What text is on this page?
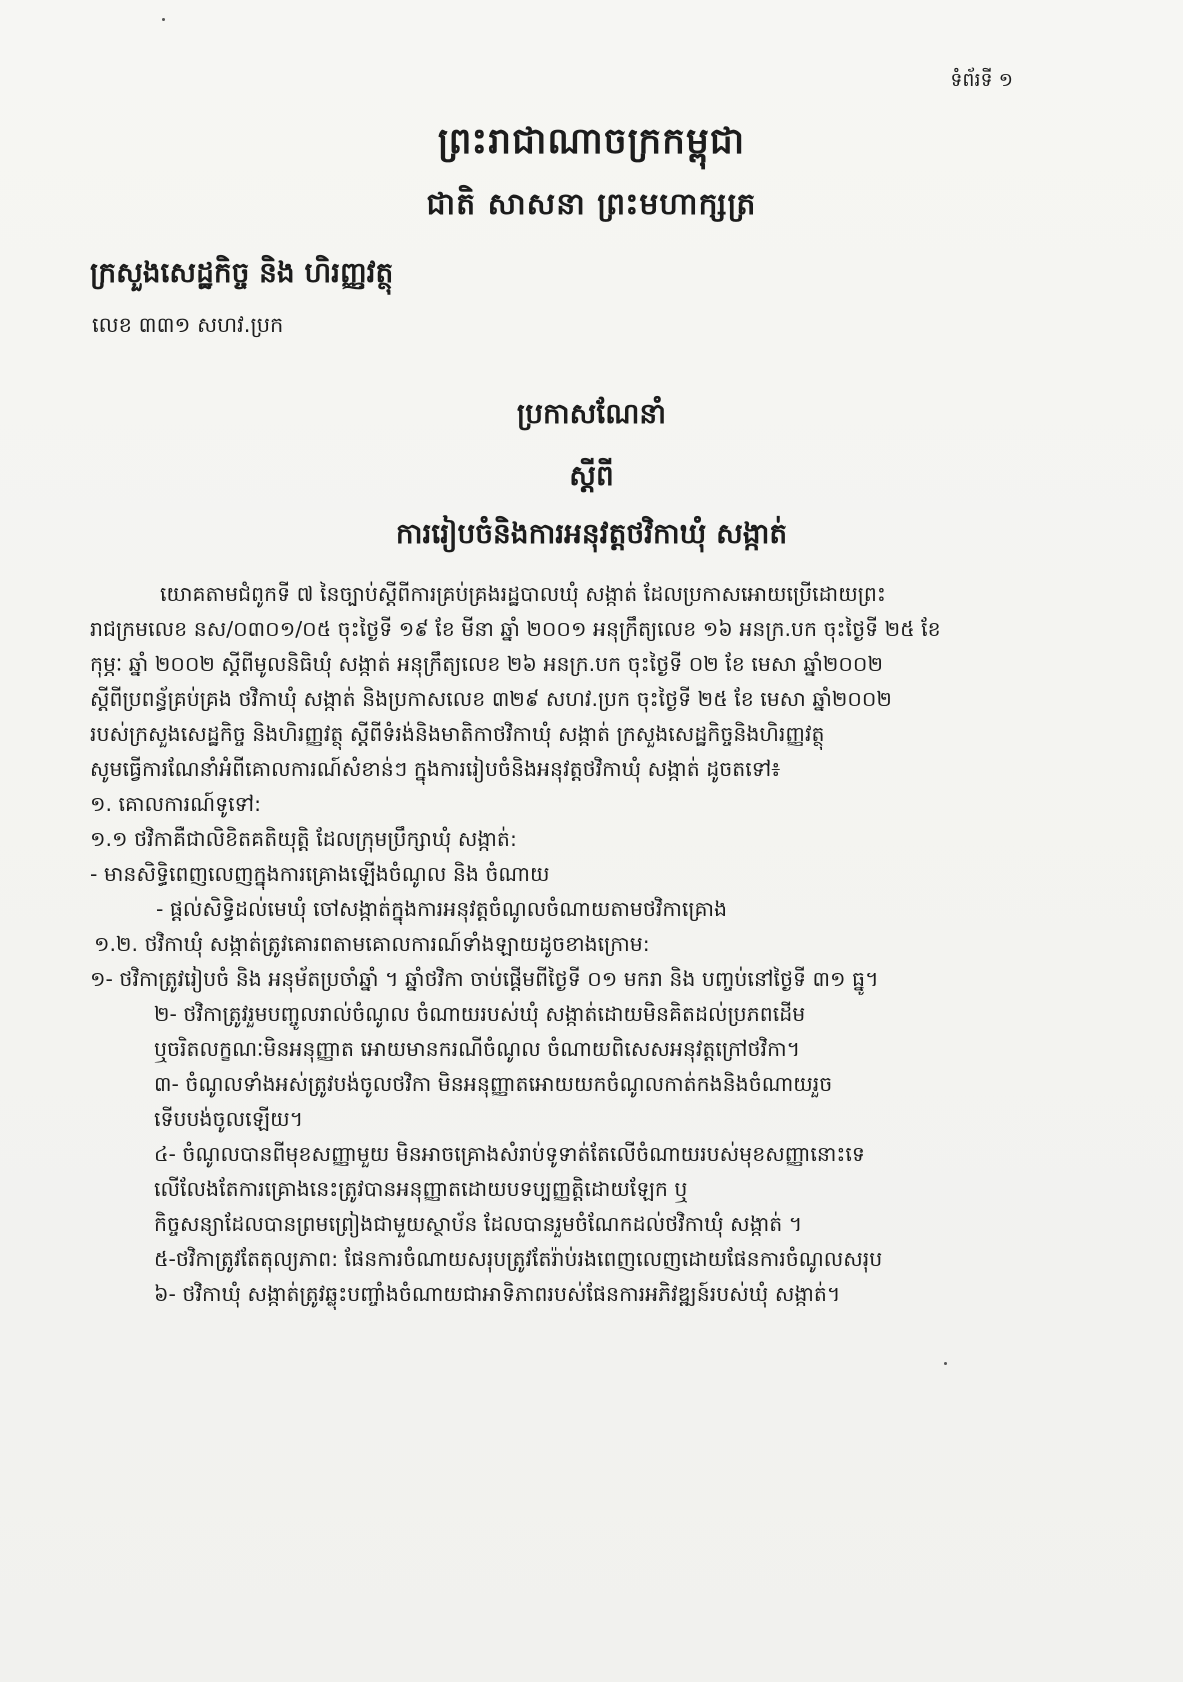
ទំព័រទី ១
ព្រះរាជាណាចក្រកម្ពុជា
ជាតិ សាសនា ព្រះមហាក្សត្រ
ក្រសួងសេដ្ឋកិច្ច និង ហិរញ្ញវត្ថុ
លេខ ៣៣១ សហវ.ប្រក
ប្រកាសណែនាំ
ស្តីពី
ការរៀបចំនិងការអនុវត្តថវិកាឃុំ សង្កាត់
យោគតាមជំពូកទី ៧ នៃច្បាប់ស្តីពីការគ្រប់គ្រងរដ្ឋបាលឃុំ សង្កាត់ ដែលប្រកាសអោយប្រើដោយព្រះ
រាជក្រមលេខ នស/០៣០១/០៥ ចុះថ្ងៃទី ១៩ ខែ មីនា ឆ្នាំ ២០០១ អនុក្រឹត្យលេខ ១៦ អនក្រ.បក ចុះថ្ងៃទី ២៥ ខែ
កុម្ភៈ ឆ្នាំ ២០០២ ស្តីពីមូលនិធិឃុំ សង្កាត់ អនុក្រឹត្យលេខ ២៦ អនក្រ.បក ចុះថ្ងៃទី ០២ ខែ មេសា ឆ្នាំ២០០២
ស្តីពីប្រពន្ធ័គ្រប់គ្រង ថវិកាឃុំ សង្កាត់ និងប្រកាសលេខ ៣២៩ សហវ.ប្រក ចុះថ្ងៃទី ២៥ ខែ មេសា ឆ្នាំ២០០២
របស់ក្រសួងសេដ្ឋកិច្ច និងហិរញ្ញវត្ថុ ស្តីពីទំរង់និងមាតិកាថវិកាឃុំ សង្កាត់ ក្រសួងសេដ្ឋកិច្ចនិងហិរញ្ញវត្ថុ
សូមធ្វើការណែនាំអំពីគោលការណ៍សំខាន់ៗ ក្នុងការរៀបចំនិងអនុវត្តថវិកាឃុំ សង្កាត់ ដូចតទៅ៖
១. គោលការណ៍ទូទៅ:
១.១ ថវិកាគឺជាលិខិតគតិយុត្តិ ដែលក្រុមប្រឹក្សាឃុំ សង្កាត់:
- មានសិទ្ធិពេញលេញក្នុងការគ្រោងឡើងចំណូល និង ចំណាយ
- ផ្តល់សិទ្ធិដល់មេឃុំ ចៅសង្កាត់ក្នុងការអនុវត្តចំណូលចំណាយតាមថវិកាគ្រោង
១.២. ថវិកាឃុំ សង្កាត់ត្រូវគោរពតាមគោលការណ៍ទាំងឡាយដូចខាងក្រោម:
១- ថវិកាត្រូវរៀបចំ និង អនុម័តប្រចាំឆ្នាំ ។ ឆ្នាំថវិកា ចាប់ផ្តើមពីថ្ងៃទី ០១ មករា និង បញ្ចប់នៅថ្ងៃទី ៣១ ធ្នូ។
២- ថវិកាត្រូវរួមបញ្ចូលរាល់ចំណូល ចំណាយរបស់ឃុំ សង្កាត់ដោយមិនគិតដល់ប្រភពដើម
ឬចរិតលក្ខណៈមិនអនុញ្ញាត អោយមានករណីចំណូល ចំណាយពិសេសអនុវត្តក្រៅថវិកា។
៣- ចំណូលទាំងអស់ត្រូវបង់ចូលថវិកា មិនអនុញ្ញាតអោយយកចំណូលកាត់កងនិងចំណាយរួច
ទើបបង់ចូលឡើយ។
៤- ចំណូលបានពីមុខសញ្ញាមួយ មិនអាចគ្រោងសំរាប់ទូទាត់តែលើចំណាយរបស់មុខសញ្ញានោះទេ
លើលែងតែការគ្រោងនេះត្រូវបានអនុញ្ញាតដោយបទប្បញ្ញត្តិដោយឡែក ឬ
កិច្ចសន្យាដែលបានព្រមព្រៀងជាមួយស្ថាប័ន ដែលបានរួមចំណែកដល់ថវិកាឃុំ សង្កាត់ ។
៥-ថវិកាត្រូវតែតុល្យភាព: ផែនការចំណាយសរុបត្រូវតែរ៉ាប់រងពេញលេញដោយផែនការចំណូលសរុប
៦- ថវិកាឃុំ សង្កាត់ត្រូវឆ្លុះបញ្ចាំងចំណាយជាអាទិភាពរបស់ផែនការអភិវឌ្ឍន៍របស់ឃុំ សង្កាត់។
